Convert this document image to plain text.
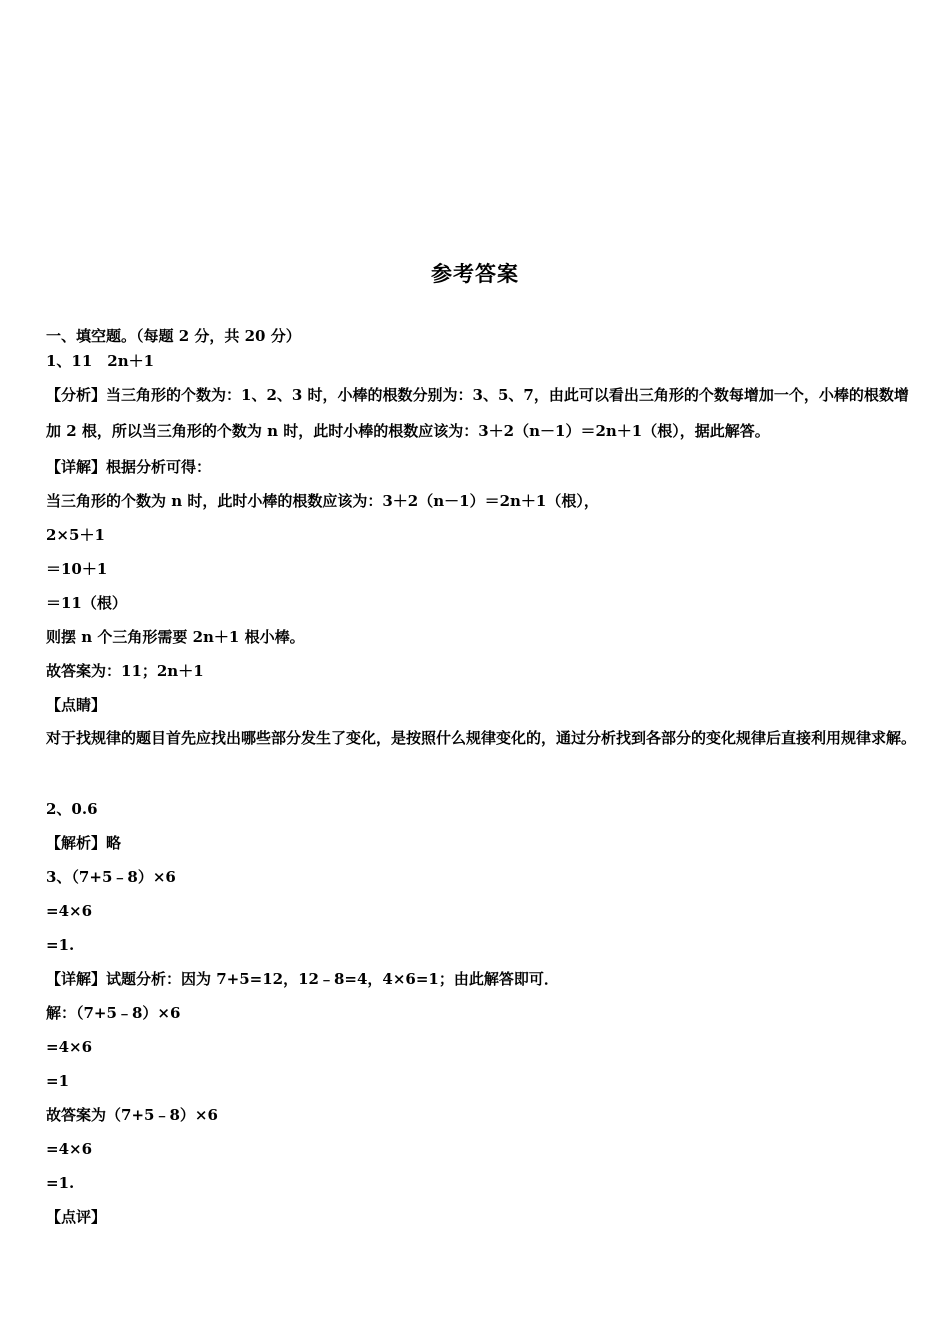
参考答案
一、填空题。（每题 2 分，共 20 分）
1、11　2n＋1
【分析】当三角形的个数为：1、2、3 时，小棒的根数分别为：3、5、7，由此可以看出三角形的个数每增加一个，小棒的根数增加 2 根，所以当三角形的个数为 n 时，此时小棒的根数应该为：3＋2（n－1）＝2n＋1（根），据此解答。
【详解】根据分析可得：
当三角形的个数为 n 时，此时小棒的根数应该为：3＋2（n－1）＝2n＋1（根），
2×5＋1
＝10＋1
＝11（根）
则摆 n 个三角形需要 2n＋1 根小棒。
故答案为：11；2n＋1
【点睛】
对于找规律的题目首先应找出哪些部分发生了变化，是按照什么规律变化的，通过分析找到各部分的变化规律后直接利用规律求解。
2、0.6
【解析】略
3、（7+5﹣8）×6
=4×6
=1.
【详解】试题分析：因为 7+5=12，12﹣8=4，4×6=1；由此解答即可．
解：（7+5﹣8）×6
=4×6
=1
故答案为（7+5﹣8）×6
=4×6
=1.
【点评】
